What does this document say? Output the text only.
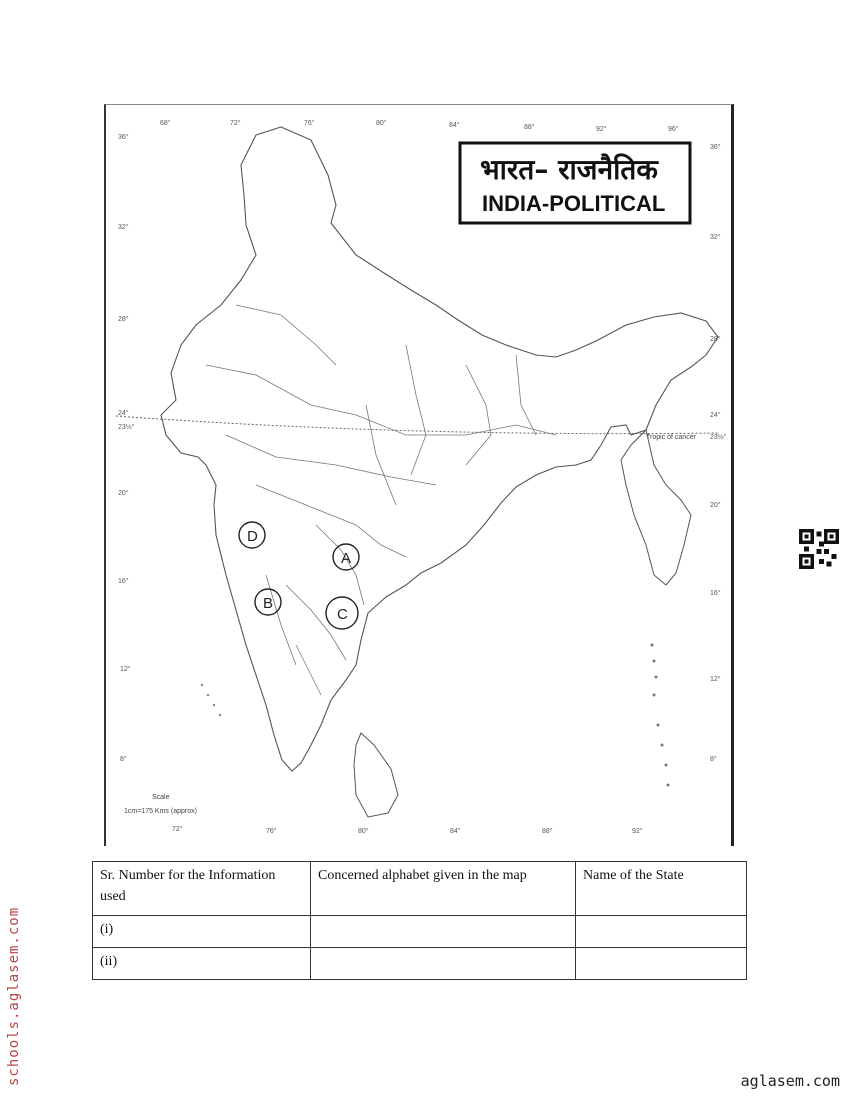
68°	72°	76°	80°	84°	88°	92°	96°
72°	76°	80°	84°	88°	92°
36°
32°
28°
24°
23½°
20°
16°
12°
8°
36°
32°
28°
24°
23½°
20°
16°
12°
8°
Tropic of cancer
भारत– राजनैतिक
INDIA-POLITICAL
D
A
B
C
Scale
1cm=175 Kms (approx)
Sr. Number for the Information used	Concerned alphabet given in the map	Name of the State
(i)		
(ii)		
schools.aglasem.com	aglasem.com
